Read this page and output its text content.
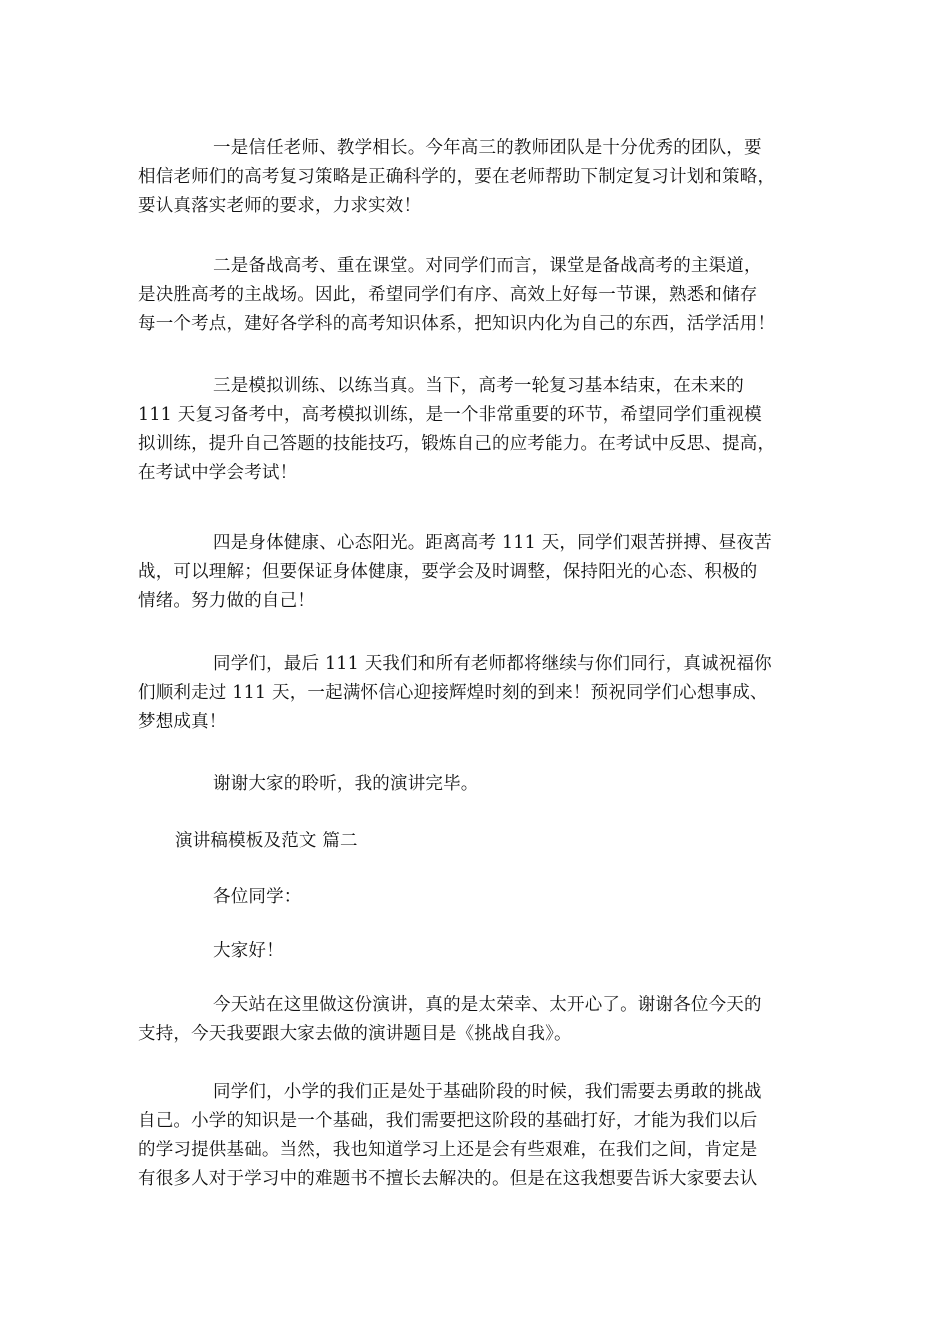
一是信任老师、教学相长。今年高三的教师团队是十分优秀的团队，要
相信老师们的高考复习策略是正确科学的，要在老师帮助下制定复习计划和策略，
要认真落实老师的要求，力求实效！

二是备战高考、重在课堂。对同学们而言，课堂是备战高考的主渠道，
是决胜高考的主战场。因此，希望同学们有序、高效上好每一节课，熟悉和储存
每一个考点，建好各学科的高考知识体系，把知识内化为自己的东西，活学活用！

三是模拟训练、以练当真。当下，高考一轮复习基本结束，在未来的
111 天复习备考中，高考模拟训练，是一个非常重要的环节，希望同学们重视模
拟训练，提升自己答题的技能技巧，锻炼自己的应考能力。在考试中反思、提高，
在考试中学会考试！

四是身体健康、心态阳光。距离高考 111 天，同学们艰苦拼搏、昼夜苦
战，可以理解；但要保证身体健康，要学会及时调整，保持阳光的心态、积极的
情绪。努力做的自己！

同学们，最后 111 天我们和所有老师都将继续与你们同行，真诚祝福你
们顺利走过 111 天，一起满怀信心迎接辉煌时刻的到来！预祝同学们心想事成、
梦想成真！

谢谢大家的聆听，我的演讲完毕。

演讲稿模板及范文 篇二

各位同学：

大家好！

今天站在这里做这份演讲，真的是太荣幸、太开心了。谢谢各位今天的
支持，今天我要跟大家去做的演讲题目是《挑战自我》。

同学们，小学的我们正是处于基础阶段的时候，我们需要去勇敢的挑战
自己。小学的知识是一个基础，我们需要把这阶段的基础打好，才能为我们以后
的学习提供基础。当然，我也知道学习上还是会有些艰难，在我们之间，肯定是
有很多人对于学习中的难题书不擅长去解决的。但是在这我想要告诉大家要去认
